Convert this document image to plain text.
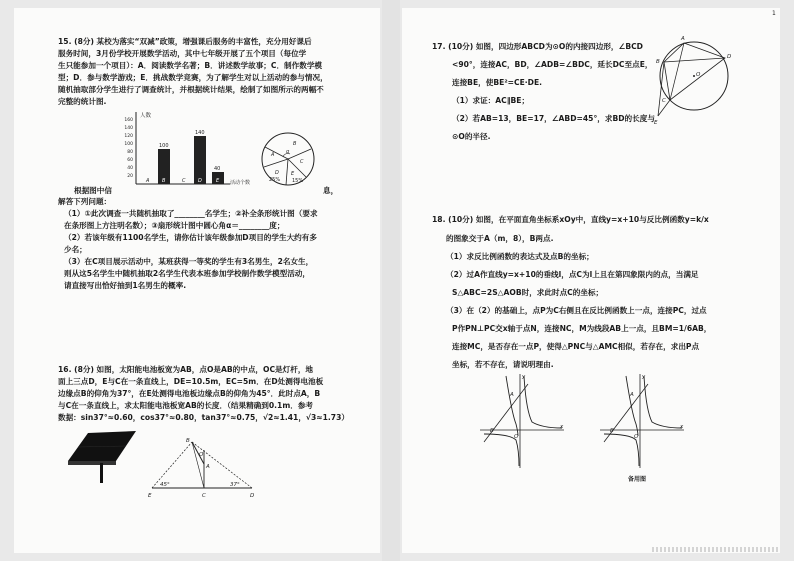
15. (8分) 某校为落实“双减”政策，增强课后服务的丰富性，充分用好课后
服务时间，3月份学校开展数学活动，其中七年级开展了五个项目（每位学
生只能参加一个项目）：A．阅读数学名著；B．讲述数学故事；C．制作数学模
型；D．参与数学游戏；E．挑战数学竞赛，为了解学生对以上活动的参与情况，
随机抽取部分学生进行了调查统计，并根据统计结果，绘制了如图所示的两幅不
完整的统计图.
人数
20
40
60
80
100
120
140
160
100
140
40
A	B	C	D	E 活动个数
A
B
C
D E
α
25% 15%
根据图中信	息，
解答下列问题：
（1）①此次调查一共随机抽取了________名学生；②补全条形统计图（要求
在条形图上方注明名数）；③扇形统计图中圆心角α＝________度；
（2）若该年级有1100名学生，请你估计该年级参加D项目的学生大约有多
少名；
（3）在C项目展示活动中，某班获得一等奖的学生有3名男生，2名女生，
则从这5名学生中随机抽取2名学生代表本班参加学校制作数学模型活动，
请直接写出恰好抽到1名男生的概率.
16. (8分) 如图，太阳能电池板宽为AB，点O是AB的中点，OC是灯杆，地
面上三点D，E与C在一条直线上，DE=10.5m，EC=5m．在D处测得电池板
边缘点B的仰角为37°，在E处测得电池板边缘点B的仰角为45°．此时点A，B
与C在一条直线上，求太阳能电池板宽AB的长度．（结果精确到0.1m．参考
数据：sin37°≈0.60，cos37°≈0.80，tan37°≈0.75，√2≈1.41，√3≈1.73）
B
O
A
45°	37°
E	C	D
17. (10分) 如图，四边形ABCD为⊙O的内接四边形，∠BCD
<90°，连接AC，BD，∠ADB=∠BDC，延长DC至点E，
连接BE，使BE²=CE·DE.
（1）求证：AC∥BE；
（2）若AB=13，BE=17，∠ABD=45°，求BD的长度与
⊙O的半径.
A
B
C
D
E
O
18. (10分) 如图，在平面直角坐标系xOy中，直线y=x+10与反比例函数y=k/x
的图象交于A（m，8），B两点.
（1）求反比例函数的表达式及点B的坐标；
（2）过A作直线y=x+10的垂线l，点C为l上且在第四象限内的点，当满足
S△ABC=2S△AOB时，求此时点C的坐标；
（3）在（2）的基础上，点P为C右侧且在反比例函数上一点，连接PC，过点
P作PN⊥PC交x轴于点N，连接NC，M为线段AB上一点，且BM=1/6AB，
连接MC，是否存在一点P，使得△PNC与△AMC相似，若存在，求出P点
坐标，若不存在，请说明理由.
y
x
O
B
A
y
x
O
B
A
备用图
1
